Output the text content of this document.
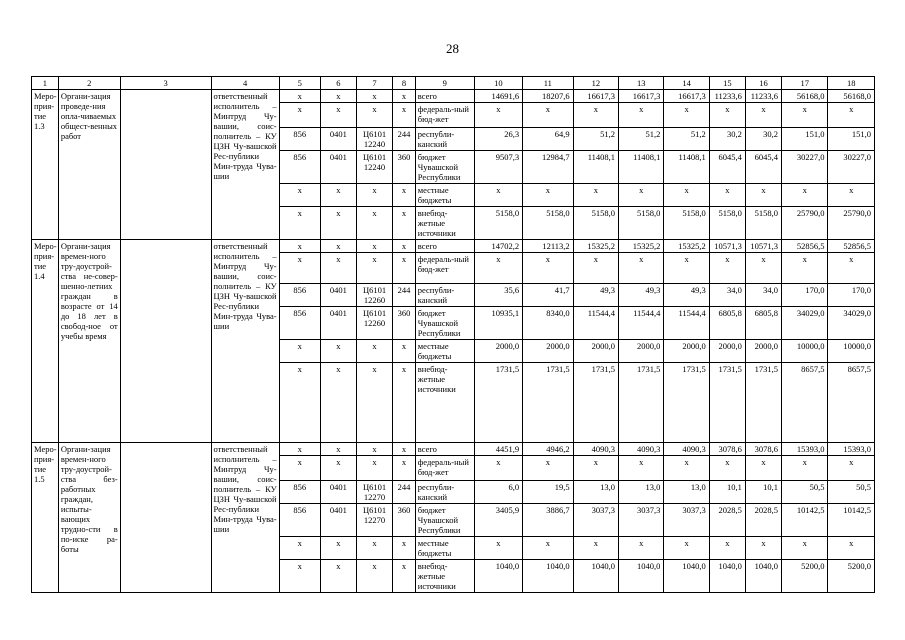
28
1	2	3	4	5	6	7	8	9	10	11	12	13	14	15	16	17	18
Меро-прия-тие 1.3	Органи-зация проведе-ния опла-чиваемых общест-венных работ		ответственный исполнитель – Минтруд Чу-вашии, соис-полнитель – КУ ЦЗН Чу-вашской Рес-публики Мин-труда Чува-шии	x	x	x	x	всего	14691,6	18207,6	16617,3	16617,3	16617,3	11233,6	11233,6	56168,0	56168,0
				x	x	x	x	федераль-ный бюд-жет	x	x	x	x	x	x	x	x	x
				856	0401	Ц6101 12240	244	республи-канский	26,3	64,9	51,2	51,2	51,2	30,2	30,2	151,0	151,0
				856	0401	Ц6101 12240	360	бюджет Чувашской Республики	9507,3	12984,7	11408,1	11408,1	11408,1	6045,4	6045,4	30227,0	30227,0
				x	x	x	x	местные бюджеты	x	x	x	x	x	x	x	x	x
				x	x	x	x	внебюд-жетные источники	5158,0	5158,0	5158,0	5158,0	5158,0	5158,0	5158,0	25790,0	25790,0
Меро-прия-тие 1.4	Органи-зация времен-ного тру-доустрой-ства не-совер-шенно-летних граждан в возрасте от 14 до 18 лет в свобод-ное от учебы время		ответственный исполнитель – Минтруд Чу-вашии, соис-полнитель – КУ ЦЗН Чу-вашской Рес-публики Мин-труда Чува-шии	x	x	x	x	всего	14702,2	12113,2	15325,2	15325,2	15325,2	10571,3	10571,3	52856,5	52856,5
				x	x	x	x	федераль-ный бюд-жет	x	x	x	x	x	x	x	x	x
				856	0401	Ц6101 12260	244	республи-канский	35,6	41,7	49,3	49,3	49,3	34,0	34,0	170,0	170,0
				856	0401	Ц6101 12260	360	бюджет Чувашской Республики	10935,1	8340,0	11544,4	11544,4	11544,4	6805,8	6805,8	34029,0	34029,0
				x	x	x	x	местные бюджеты	2000,0	2000,0	2000,0	2000,0	2000,0	2000,0	2000,0	10000,0	10000,0
				x	x	x	x	внебюд-жетные источники	1731,5	1731,5	1731,5	1731,5	1731,5	1731,5	1731,5	8657,5	8657,5
Меро-прия-тие 1.5	Органи-зация времен-ного тру-доустрой-ства без-работных граждан, испыты-вающих трудно-сти в по-иске ра-боты		ответственный исполнитель – Минтруд Чу-вашии, соис-полнитель – КУ ЦЗН Чу-вашской Рес-публики Мин-труда Чува-шии	x	x	x	x	всего	4451,9	4946,2	4090,3	4090,3	4090,3	3078,6	3078,6	15393,0	15393,0
				x	x	x	x	федераль-ный бюд-жет	x	x	x	x	x	x	x	x	x
				856	0401	Ц6101 12270	244	республи-канский	6,0	19,5	13,0	13,0	13,0	10,1	10,1	50,5	50,5
				856	0401	Ц6101 12270	360	бюджет Чувашской Республики	3405,9	3886,7	3037,3	3037,3	3037,3	2028,5	2028,5	10142,5	10142,5
				x	x	x	x	местные бюджеты	x	x	x	x	x	x	x	x	x
				x	x	x	x	внебюд-жетные источники	1040,0	1040,0	1040,0	1040,0	1040,0	1040,0	1040,0	5200,0	5200,0
